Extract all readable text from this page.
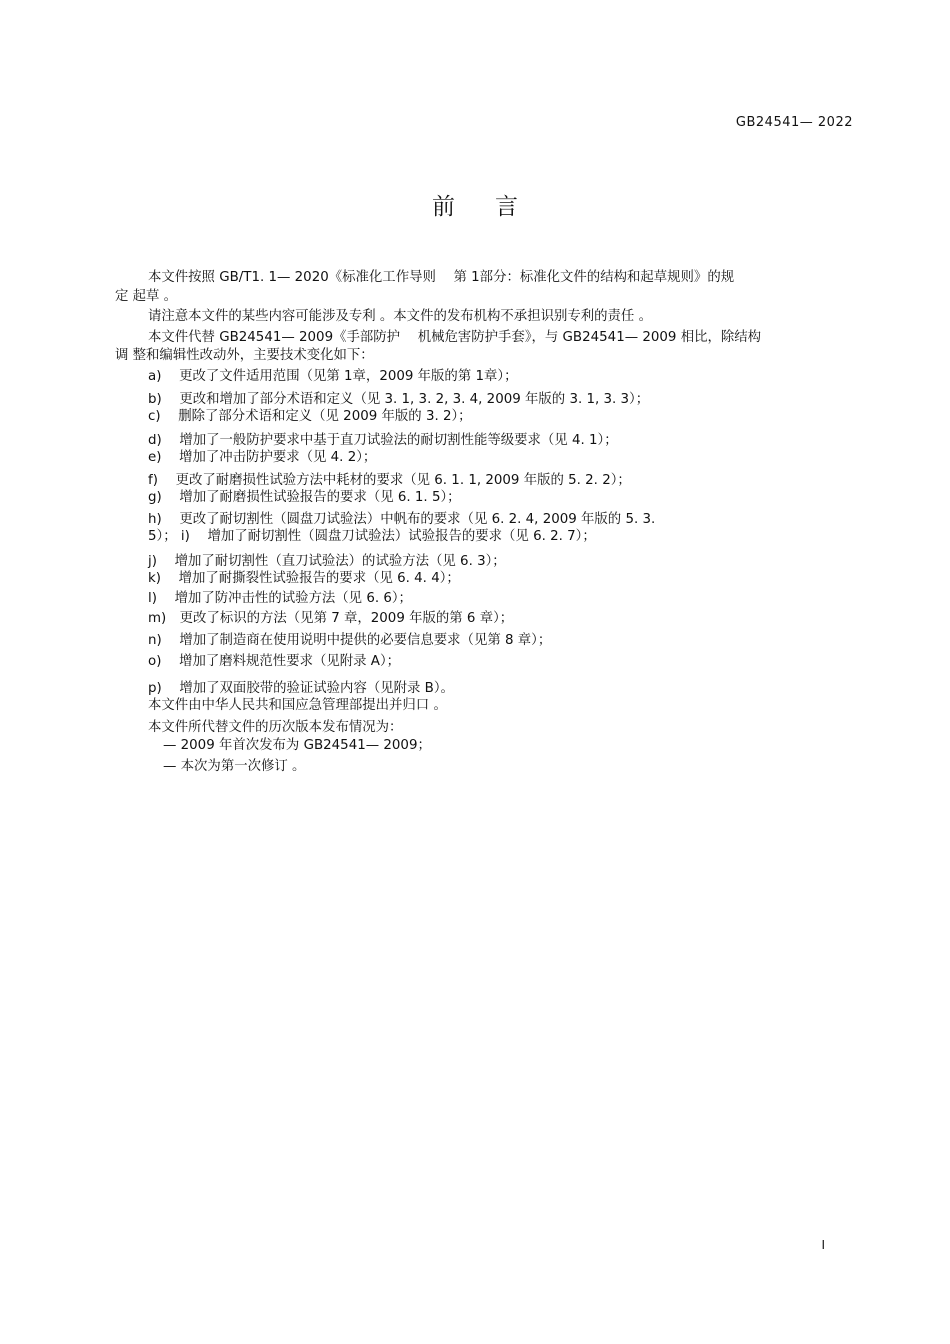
GB24541— 2022
前言
本文件按照 GB/T1. 1— 2020《标准化工作导则　 第 1部分：标准化文件的结构和起草规则》的规
定 起草 。
请注意本文件的某些内容可能涉及专利 。本文件的发布机构不承担识别专利的责任 。
本文件代替 GB24541— 2009《手部防护　 机械危害防护手套》，与 GB24541— 2009 相比，除结构
调 整和编辑性改动外，主要技术变化如下：
a)　 更改了文件适用范围（见第 1章，2009 年版的第 1章）；
b)　 更改和增加了部分术语和定义（见 3. 1, 3. 2, 3. 4, 2009 年版的 3. 1, 3. 3）；
c)　 删除了部分术语和定义（见 2009 年版的 3. 2）；
d)　 增加了一般防护要求中基于直刀试验法的耐切割性能等级要求（见 4. 1）；
e)　 增加了冲击防护要求（见 4. 2）；
f)　 更改了耐磨损性试验方法中耗材的要求（见 6. 1. 1, 2009 年版的 5. 2. 2）；
g)　 增加了耐磨损性试验报告的要求（见 6. 1. 5）；
h)　 更改了耐切割性（圆盘刀试验法）中帆布的要求（见 6. 2. 4, 2009 年版的 5. 3.
5）； i)　 增加了耐切割性（圆盘刀试验法）试验报告的要求（见 6. 2. 7）；
j)　 增加了耐切割性（直刀试验法）的试验方法（见 6. 3）；
k)　 增加了耐撕裂性试验报告的要求（见 6. 4. 4）；
l)　 增加了防冲击性的试验方法（见 6. 6）；
m)　更改了标识的方法（见第 7 章，2009 年版的第 6 章）；
n)　 增加了制造商在使用说明中提供的必要信息要求（见第 8 章）；
o)　 增加了磨料规范性要求（见附录 A）；
p)　 增加了双面胶带的验证试验内容（见附录 B）。
本文件由中华人民共和国应急管理部提出并归口 。
本文件所代替文件的历次版本发布情况为：
— 2009 年首次发布为 GB24541— 2009；
— 本次为第一次修订 。
I
